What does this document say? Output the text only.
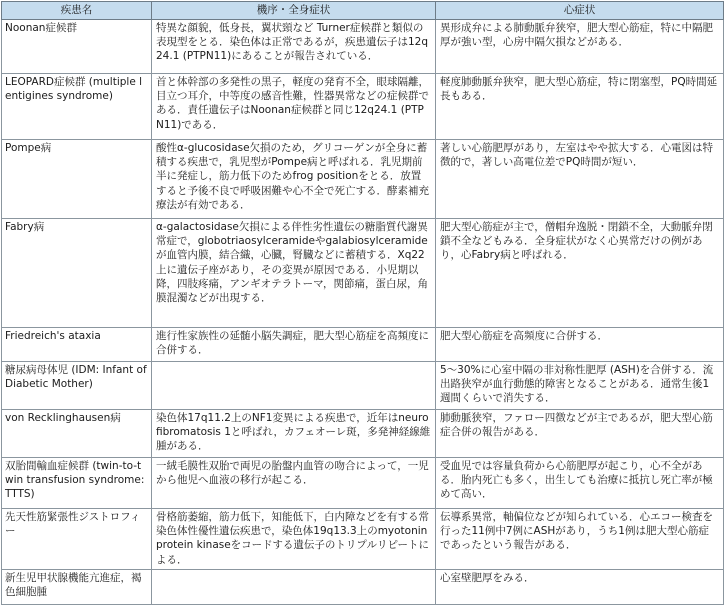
疾患名	機序・全身症状	心症状
Noonan症候群	特異な顔貌，低身長，翼状頸など Turner症候群と類似の表現型をとる．染色体は正常であるが，疾患遺伝子は12q24.1 (PTPN11)にあることが報告されている．	異形成弁による肺動脈弁狭窄，肥大型心筋症，特に中隔肥厚が強い型，心房中隔欠損などがある．
LEOPARD症候群 (multiple lentigines syndrome)	首と体幹部の多発性の黒子，軽度の発育不全，眼球隔離，目立つ耳介，中等度の感音性難，性器異常などの症候群である．責任遺伝子はNoonan症候群と同じ12q24.1 (PTPN11)である．	軽度肺動脈弁狭窄，肥大型心筋症，特に閉塞型，PQ時間延長もある．
Pompe病	酸性α-glucosidase欠損のため，グリコーゲンが全身に蓄積する疾患で，乳児型がPompe病と呼ばれる．乳児期前半に発症し，筋力低下のためfrog positionをとる．放置すると予後不良で呼吸困難や心不全で死亡する．酵素補充療法が有効である．	著しい心筋肥厚があり，左室はやや拡大する．心電図は特徴的で，著しい高電位差でPQ時間が短い．
Fabry病	α-galactosidase欠損による伴性劣性遺伝の糖脂質代謝異常症で，globotriaosylceramideやgalabiosylceramideが血管内膜，結合織，心臓，腎臓などに蓄積する．Xq22上に遺伝子座があり，その変異が原因である．小児期以降，四肢疼痛，アンギオテラトーマ，関節痛，蛋白尿，角膜混濁などが出現する．	肥大型心筋症が主で，僧帽弁逸脱・閉鎖不全，大動脈弁閉鎖不全などもみる．全身症状がなく心異常だけの例があり，心Fabry病と呼ばれる．
Friedreich's ataxia	進行性家族性の延髄小脳失調症，肥大型心筋症を高頻度に合併する．	肥大型心筋症を高頻度に合併する．
糖尿病母体児 (IDM: Infant of Diabetic Mother)		5～30%に心室中隔の非対称性肥厚 (ASH)を合併する．流出路狭窄が血行動態的障害となることがある．通常生後1週間くらいで消失する．
von Recklinghausen病	染色体17q11.2上のNF1変異による疾患で，近年はneurofibromatosis 1と呼ばれ，カフェオーレ斑，多発神経線維腫がある．	肺動脈狭窄，ファロー四徴などが主であるが，肥大型心筋症合併の報告がある．
双胎間輸血症候群 (twin-to-twin transfusion syndrome: TTTS)	一絨毛膜性双胎で両児の胎盤内血管の吻合によって，一児から他児へ血液の移行が起こる．	受血児では容量負荷から心筋肥厚が起こり，心不全がある．胎内死亡も多く，出生しても治療に抵抗し死亡率が極めて高い．
先天性筋緊張性ジストロフィー	骨格筋萎縮，筋力低下，知能低下，白内障などを有する常染色体性優性遺伝疾患で，染色体19q13.3上のmyotonin protein kinaseをコードする遺伝子のトリプルリピートによる．	伝導系異常，軸偏位などが知られている．心エコー検査を行った11例中7例にASHがあり，うち1例は肥大型心筋症であったという報告がある．
新生児甲状腺機能亢進症，褐色細胞腫		心室壁肥厚をみる．
